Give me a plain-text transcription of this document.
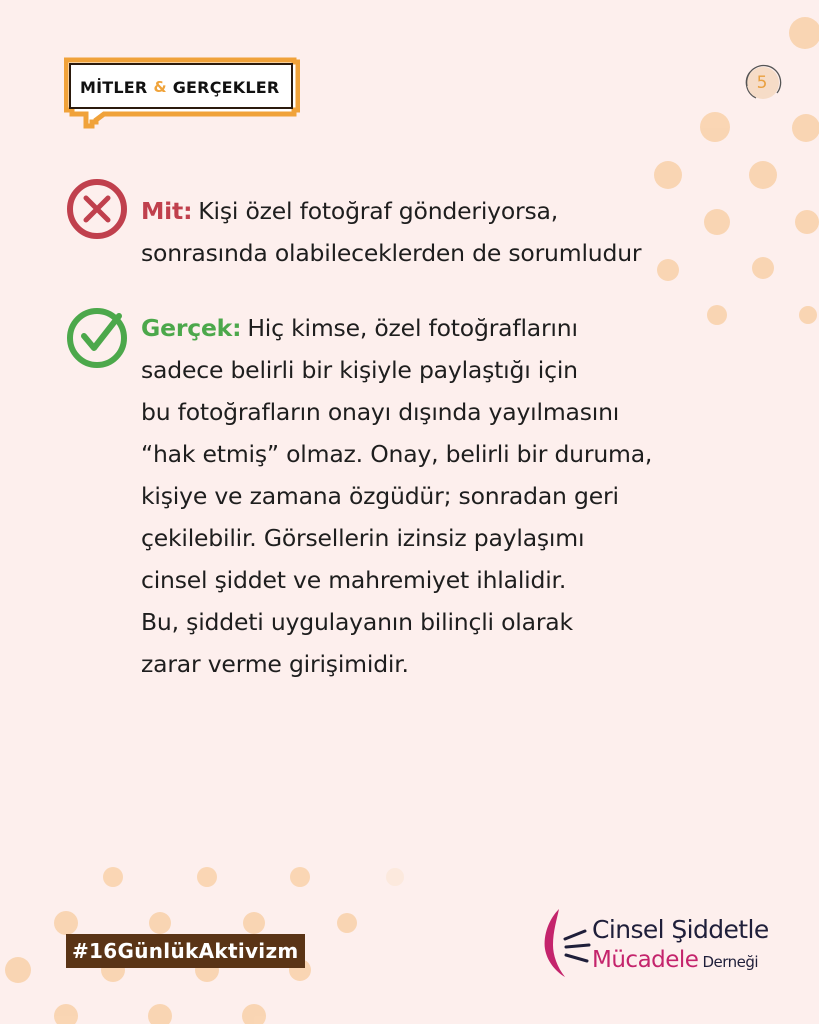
MİTLER & GERÇEKLER	5
Mit: Kişi özel fotoğraf gönderiyorsa,
sonrasında olabileceklerden de sorumludur
Gerçek: Hiç kimse, özel fotoğraflarını
sadece belirli bir kişiyle paylaştığı için
bu fotoğrafların onayı dışında yayılmasını
“hak etmiş” olmaz. Onay, belirli bir duruma,
kişiye ve zamana özgüdür; sonradan geri
çekilebilir. Görsellerin izinsiz paylaşımı
cinsel şiddet ve mahremiyet ihlalidir.
Bu, şiddeti uygulayanın bilinçli olarak
zarar verme girişimidir.
#16GünlükAktivizm
Cinsel Şiddetle
Mücadele Derneği
